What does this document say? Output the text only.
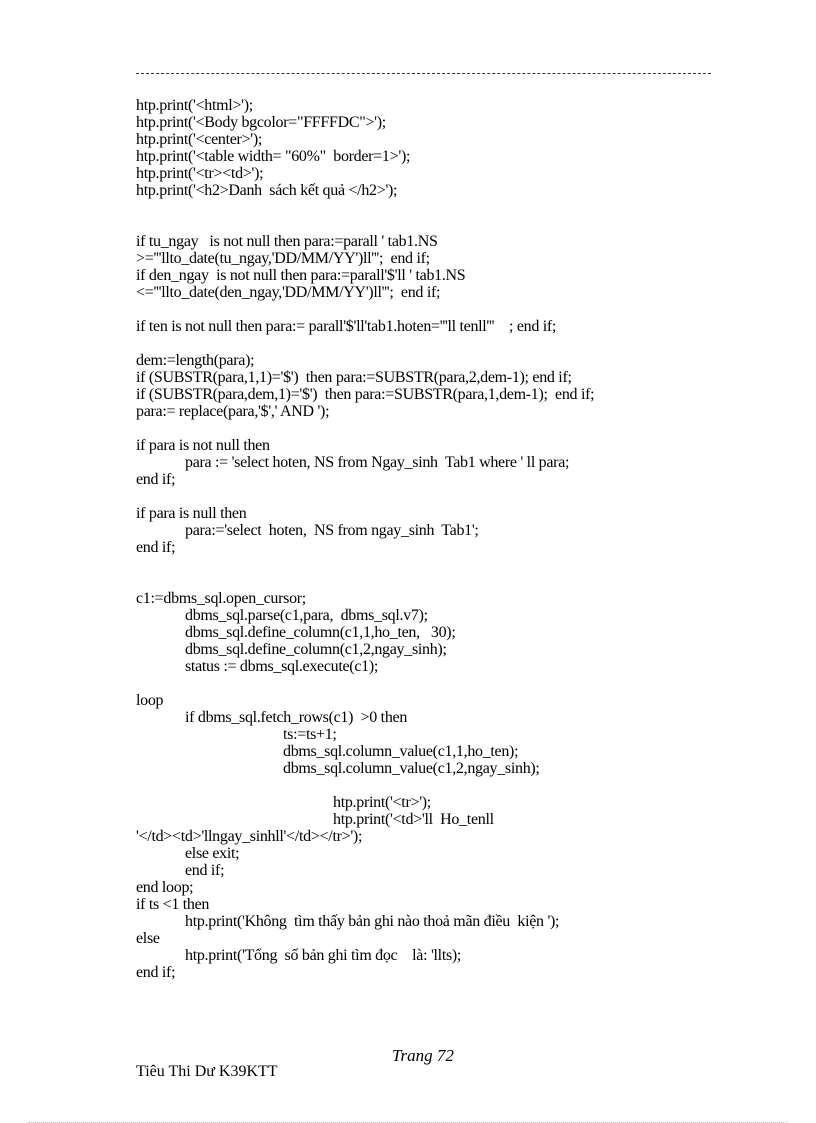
htp.print('<html>');
htp.print('<Body bgcolor="FFFFDC">');
htp.print('<center>');
htp.print('<table width= "60%"  border=1>');
htp.print('<tr><td>');
htp.print('<h2>Danh  sách kết quả </h2>');
if tu_ngay   is not null then para:=parall ' tab1.NS
>='''llto_date(tu_ngay,'DD/MM/YY')ll''';  end if;
if den_ngay  is not null then para:=parall'$'ll ' tab1.NS
<='''llto_date(den_ngay,'DD/MM/YY')ll''';  end if;
if ten is not null then para:= parall'$'ll'tab1.hoten='''ll tenll'''    ; end if;
dem:=length(para);
if (SUBSTR(para,1,1)='$')  then para:=SUBSTR(para,2,dem-1); end if;
if (SUBSTR(para,dem,1)='$')  then para:=SUBSTR(para,1,dem-1);  end if;
para:= replace(para,'$',' AND ');
if para is not null then
para := 'select hoten, NS from Ngay_sinh  Tab1 where ' ll para;
end if;
if para is null then
para:='select  hoten,  NS from ngay_sinh  Tab1';
end if;
c1:=dbms_sql.open_cursor;
dbms_sql.parse(c1,para,  dbms_sql.v7);
dbms_sql.define_column(c1,1,ho_ten,   30);
dbms_sql.define_column(c1,2,ngay_sinh);
status := dbms_sql.execute(c1);
loop
if dbms_sql.fetch_rows(c1)  >0 then
ts:=ts+1;
dbms_sql.column_value(c1,1,ho_ten);
dbms_sql.column_value(c1,2,ngay_sinh);
htp.print('<tr>');
htp.print('<td>'ll  Ho_tenll
'</td><td>'llngay_sinhll'</td></tr>');
else exit;
end if;
end loop;
if ts <1 then
htp.print('Không  tìm thấy bản ghi nào thoả mãn điều  kiện ');
else
htp.print('Tổng  số bản ghi tìm đọc    là: 'llts);
end if;
Trang 72
Tiêu Thi Dư K39KTT
